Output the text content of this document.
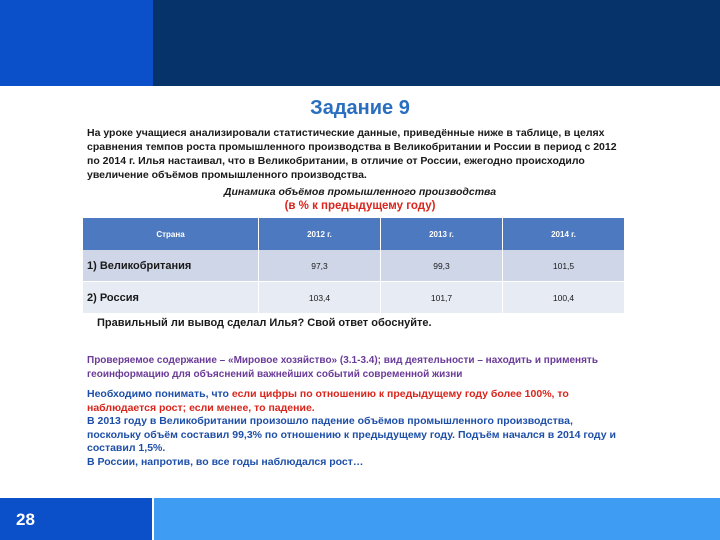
Задание 9
На уроке учащиеся анализировали статистические данные, приведённые ниже в таблице, в целях сравнения темпов роста промышленного производства в Великобритании и России в период с 2012 по 2014 г. Илья настаивал, что в Великобритании, в отличие от России, ежегодно происходило увеличение объёмов промышленного производства.
Динамика объёмов промышленного производства
(в % к предыдущему году)
Страна	2012 г.	2013 г.	2014 г.
1) Великобритания	97,3	99,3	101,5
2) Россия	103,4	101,7	100,4
Правильный ли вывод сделал Илья? Свой ответ обоснуйте.
Проверяемое содержание – «Мировое хозяйство» (3.1-3.4); вид деятельности – находить и применять геоинформацию для объяснений важнейших событий современной жизни
Необходимо понимать, что если цифры по отношению к предыдущему году более 100%, то наблюдается рост; если менее, то падение.
В 2013 году в Великобритании произошло падение объёмов промышленного производства, поскольку объём составил 99,3% по отношению к предыдущему году. Подъём начался в 2014 году и составил 1,5%.
В России, напротив, во все годы наблюдался рост…
28
